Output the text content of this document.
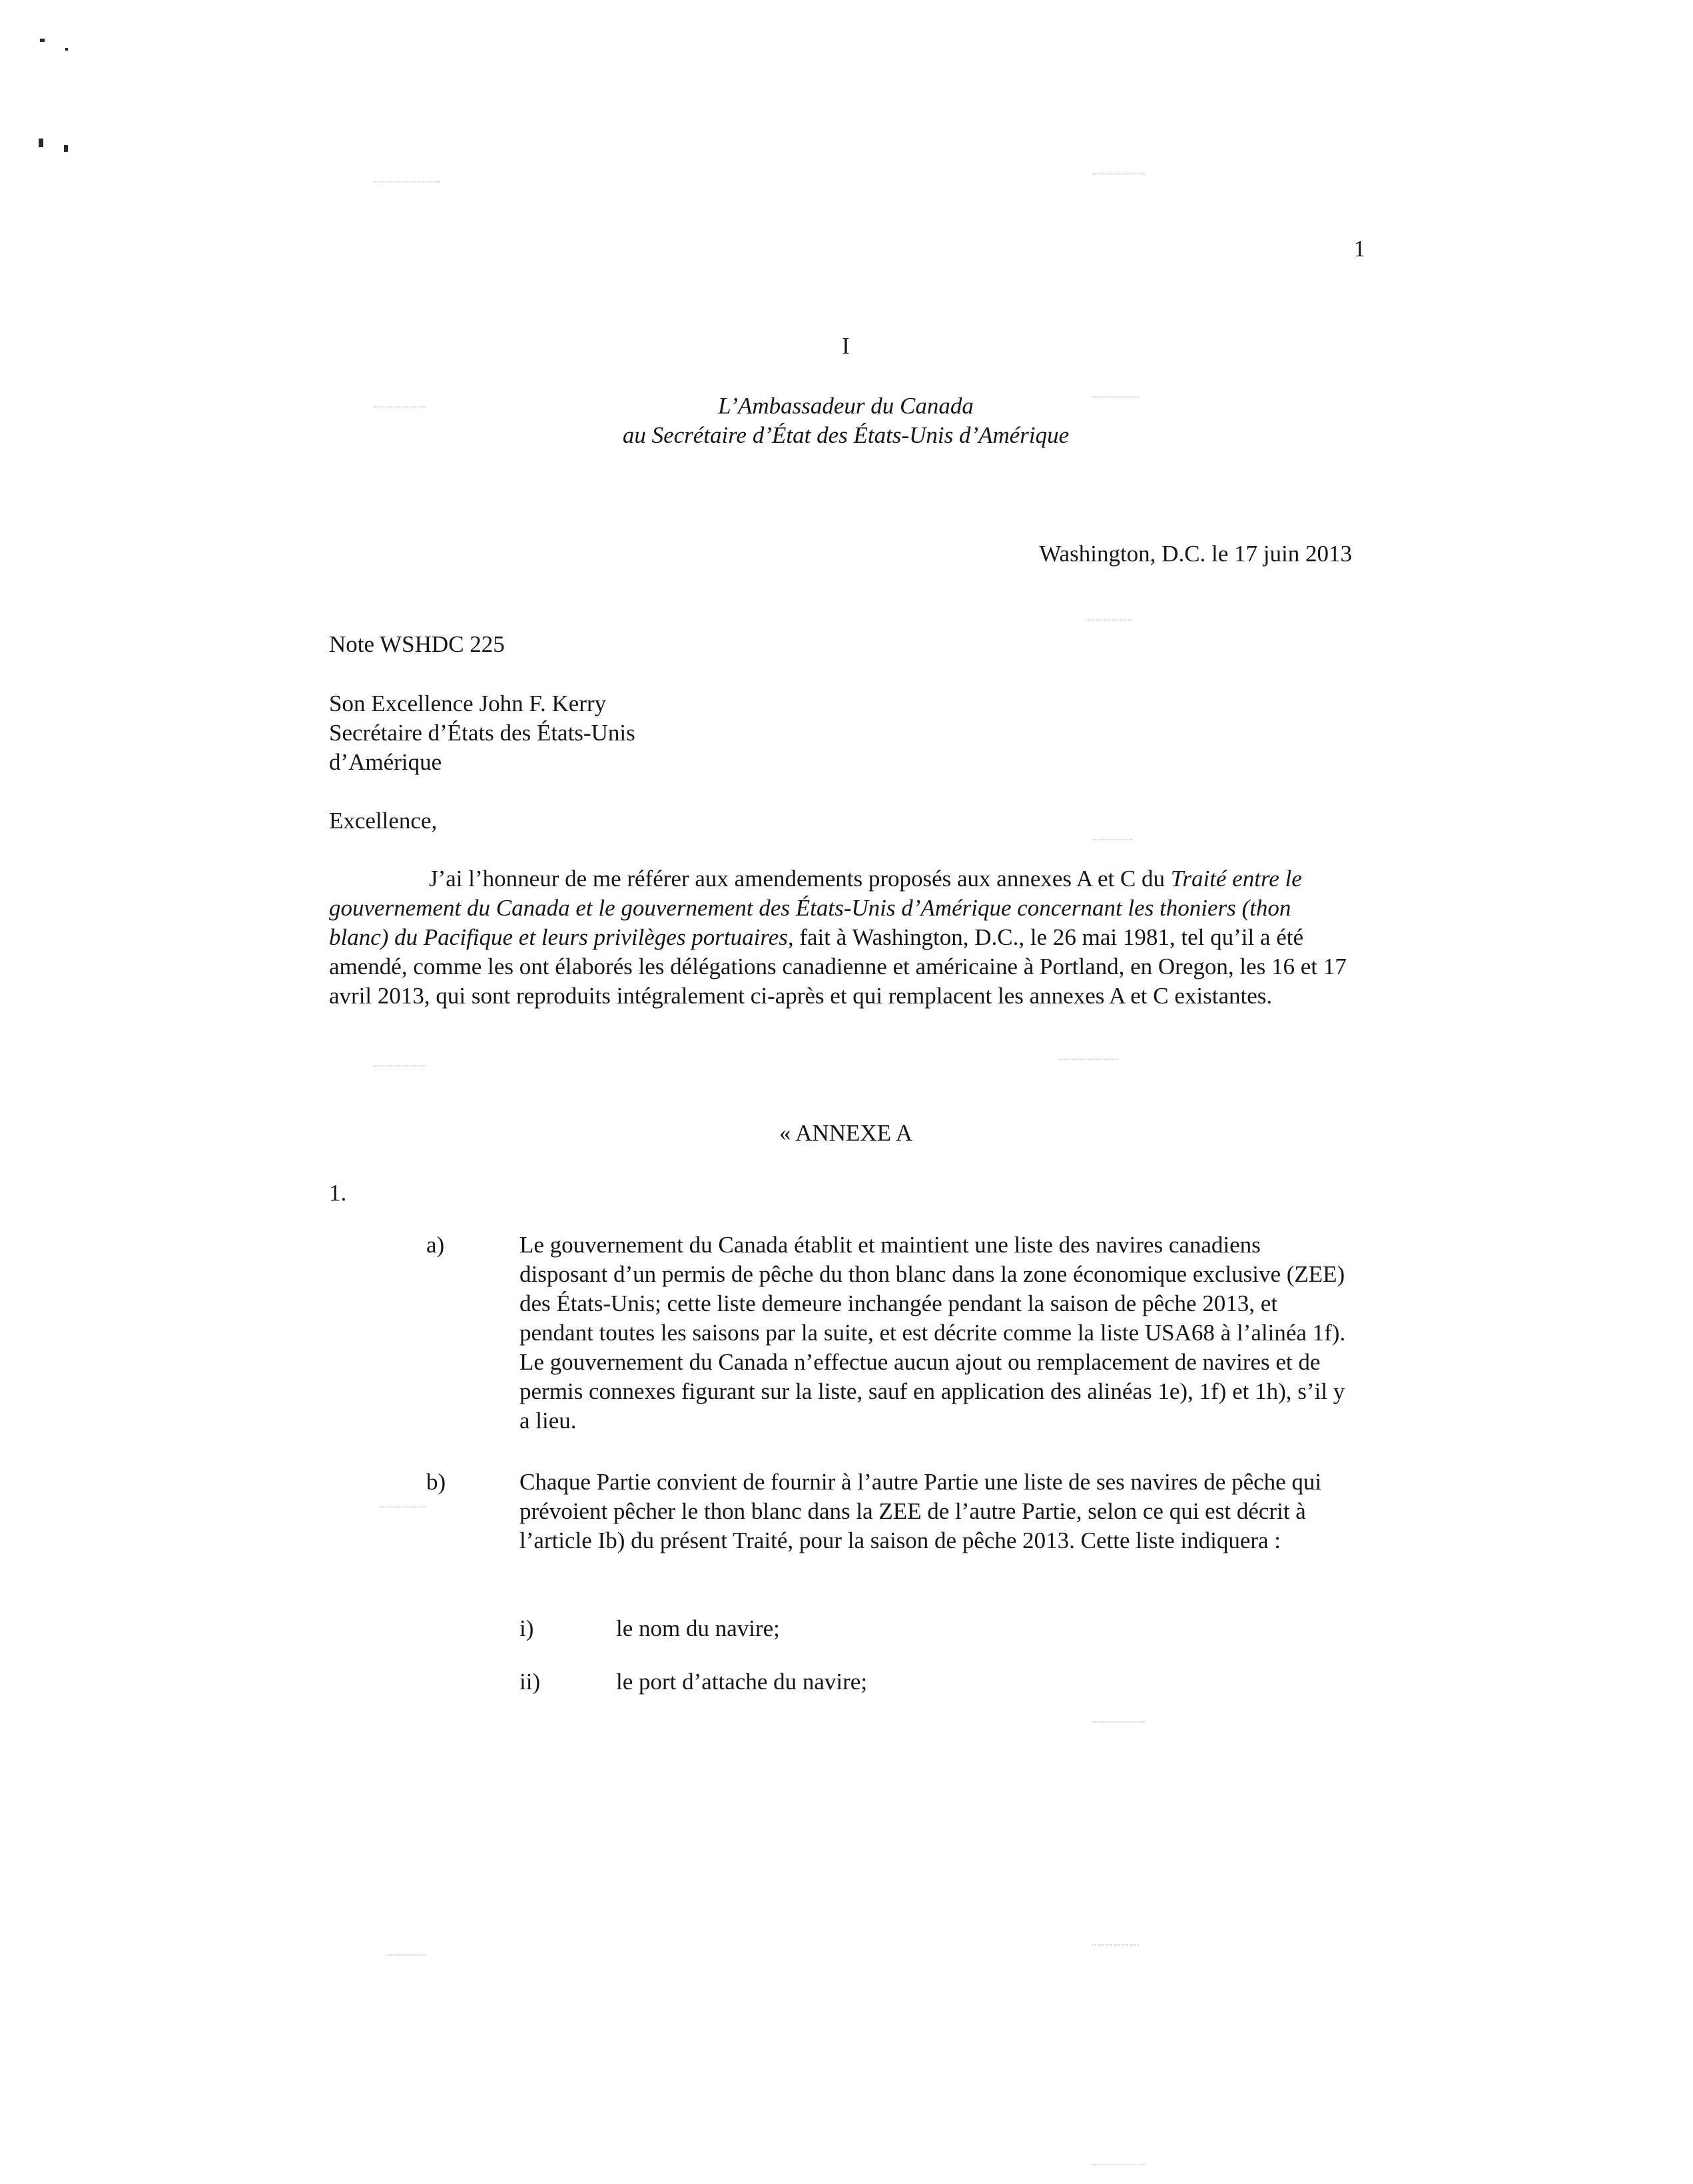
1
I
L’Ambassadeur du Canada
au Secrétaire d’État des États-Unis d’Amérique
Washington, D.C. le 17 juin 2013
Note WSHDC 225
Son Excellence John F. Kerry
Secrétaire d’États des États-Unis
d’Amérique
Excellence,

J’ai l’honneur de me référer aux amendements proposés aux annexes A et C du Traité entre le gouvernement du Canada et le gouvernement des États-Unis d’Amérique concernant les thoniers (thon blanc) du Pacifique et leurs privilèges portuaires, fait à Washington, D.C., le 26 mai 1981, tel qu’il a été amendé, comme les ont élaborés les délégations canadienne et américaine à Portland, en Oregon, les 16 et 17 avril 2013, qui sont reproduits intégralement ci-après et qui remplacent les annexes A et C existantes.

« ANNEXE A
1.
a)	Le gouvernement du Canada établit et maintient une liste des navires canadiens disposant d’un permis de pêche du thon blanc dans la zone économique exclusive (ZEE) des États-Unis; cette liste demeure inchangée pendant la saison de pêche 2013, et pendant toutes les saisons par la suite, et est décrite comme la liste USA68 à l’alinéa 1f). Le gouvernement du Canada n’effectue aucun ajout ou remplacement de navires et de permis connexes figurant sur la liste, sauf en application des alinéas 1e), 1f) et 1h), s’il y a lieu.

b)	Chaque Partie convient de fournir à l’autre Partie une liste de ses navires de pêche qui prévoient pêcher le thon blanc dans la ZEE de l’autre Partie, selon ce qui est décrit à l’article Ib) du présent Traité, pour la saison de pêche 2013. Cette liste indiquera :

i)	le nom du navire;
ii)	le port d’attache du navire;
